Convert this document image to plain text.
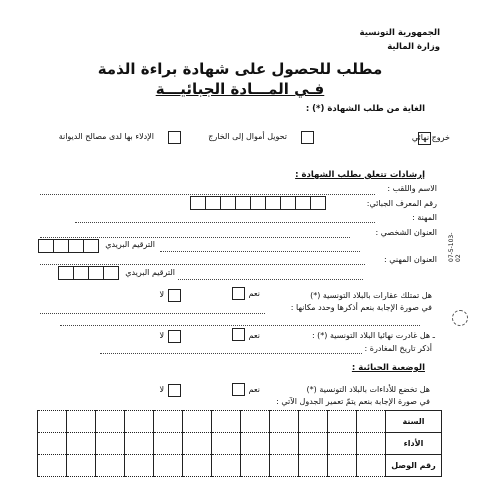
الجمهورية التونسية
وزارة المالية
مطلب للحصول على شهادة براءة الذمة
فـي المـــادة الجبائيـــة
الغاية من طلب الشهادة (*) :
خروج نهائي
تحويل أموال إلى الخارج
الإدلاء بها لدى مصالح الديوانة
إرشادات تتعلق بطلب الشهادة :
الاسم واللقب :
رقم المعرف الجبائي:
المهنة :
العنوان الشخصي :
الترقيم البريدي
العنوان المهني :
الترقيم البريدي
هل تمتلك عقارات بالبلاد التونسية (*)
نعم
لا
في صورة الإجابة بنعم أذكرها وحدد مكانها :
ـ هل غادرت نهائيا البلاد التونسية (*) :
نعم
لا
أذكر تاريخ المغادرة :
الوضعية الجبائية :
هل تخضع للأداءات بالبلاد التونسية (*)
نعم
لا
في صورة الإجابة بنعم يتمّ تعمير الجدول الآتي :
السنة												
الأداء												
رقم الوصل												
07-5-103-02
